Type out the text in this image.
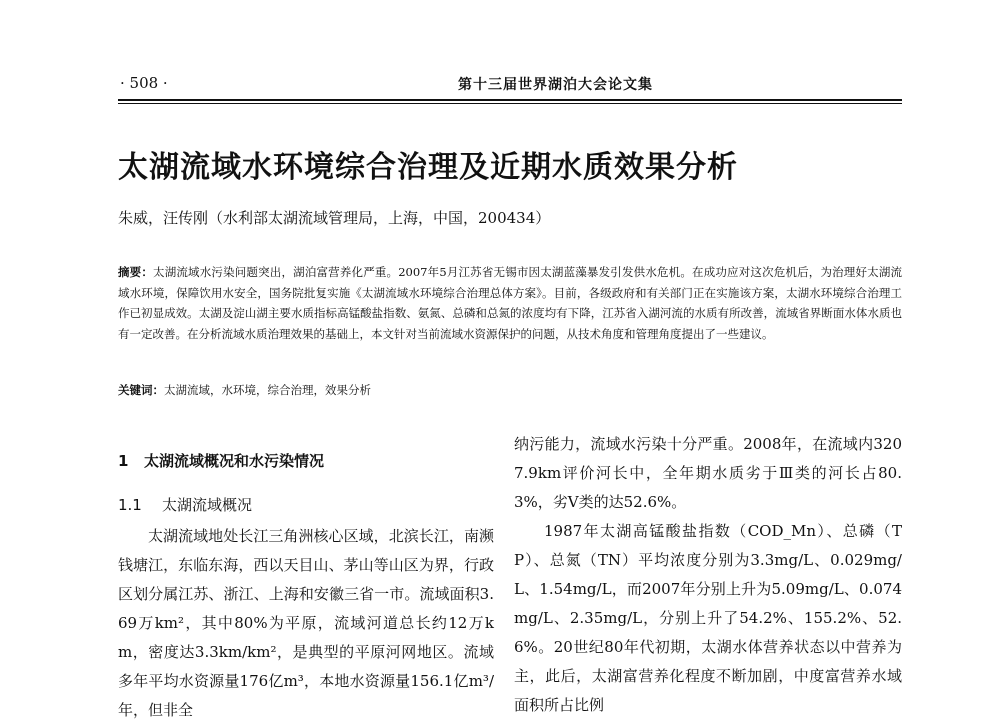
· 508 ·	第十三届世界湖泊大会论文集
太湖流域水环境综合治理及近期水质效果分析
朱威，汪传刚（水利部太湖流域管理局，上海，中国，200434）
摘要：太湖流域水污染问题突出，湖泊富营养化严重。2007年5月江苏省无锡市因太湖蓝藻暴发引发供水危机。在成功应对这次危机后，为治理好太湖流域水环境，保障饮用水安全，国务院批复实施《太湖流域水环境综合治理总体方案》。目前，各级政府和有关部门正在实施该方案，太湖水环境综合治理工作已初显成效。太湖及淀山湖主要水质指标高锰酸盐指数、氨氮、总磷和总氮的浓度均有下降，江苏省入湖河流的水质有所改善，流域省界断面水体水质也有一定改善。在分析流域水质治理效果的基础上，本文针对当前流域水资源保护的问题，从技术角度和管理角度提出了一些建议。
关键词：太湖流域，水环境，综合治理，效果分析
1 太湖流域概况和水污染情况
1.1 太湖流域概况

太湖流域地处长江三角洲核心区域，北滨长江，南濒钱塘江，东临东海，西以天目山、茅山等山区为界，行政区划分属江苏、浙江、上海和安徽三省一市。流域面积3.69万km²，其中80%为平原，流域河道总长约12万km，密度达3.3km/km²，是典型的平原河网地区。流域多年平均水资源量176亿m³，本地水资源量156.1亿m³/年，但非全

纳污能力，流域水污染十分严重。2008年，在流域内3207.9km评价河长中，全年期水质劣于Ⅲ类的河长占80.3%，劣Ⅴ类的达52.6%。

1987年太湖高锰酸盐指数（COD_Mn）、总磷（TP）、总氮（TN）平均浓度分别为3.3mg/L、0.029mg/L、1.54mg/L，而2007年分别上升为5.09mg/L、0.074mg/L、2.35mg/L，分别上升了54.2%、155.2%、52.6%。20世纪80年代初期，太湖水体营养状态以中营养为主，此后，太湖富营养化程度不断加剧，中度富营养水域面积所占比例
